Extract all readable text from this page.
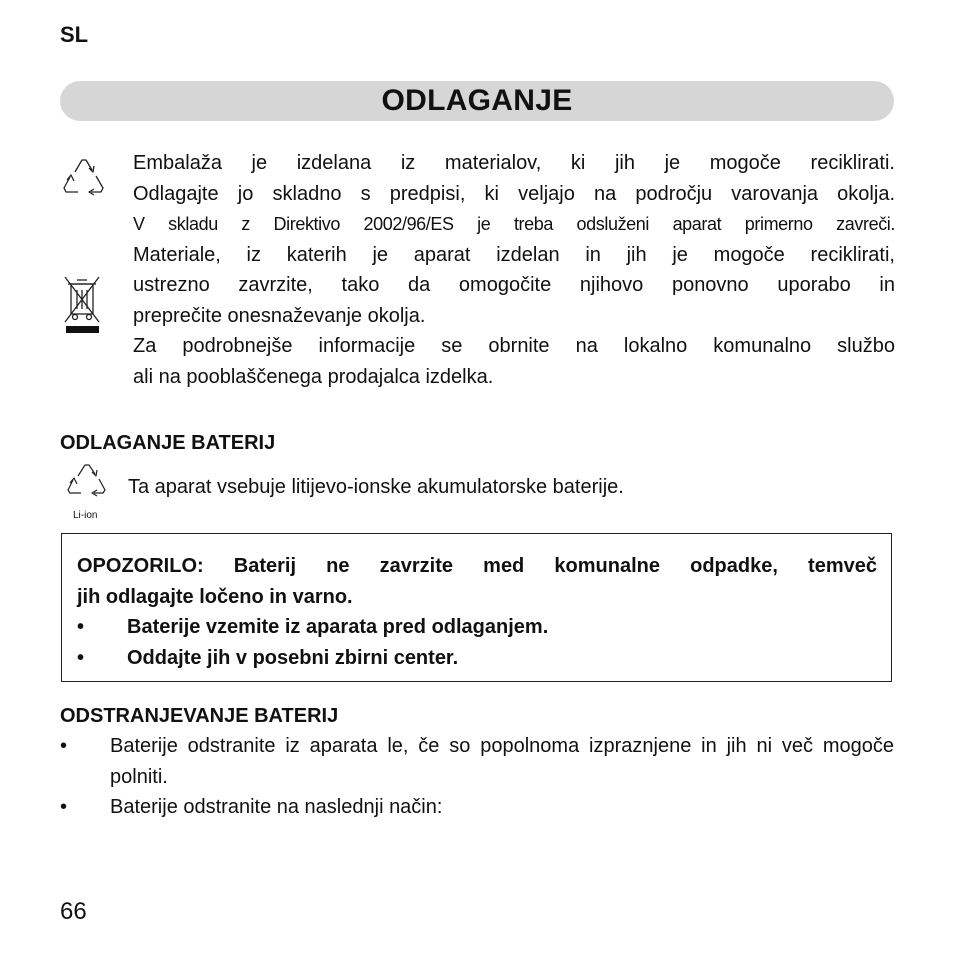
SL
ODLAGANJE
Embalaža je izdelana iz materialov, ki jih je mogoče reciklirati.
Odlagajte jo skladno s predpisi, ki veljajo na področju varovanja okolja.
V skladu z Direktivo 2002/96/ES je treba odsluženi aparat primerno zavreči.
Materiale, iz katerih je aparat izdelan in jih je mogoče reciklirati,
ustrezno zavrzite, tako da omogočite njihovo ponovno uporabo in
preprečite onesnaževanje okolja.
Za podrobnejše informacije se obrnite na lokalno komunalno službo
ali na pooblaščenega prodajalca izdelka.
ODLAGANJE BATERIJ
Li-ion
Ta aparat vsebuje litijevo-ionske akumulatorske baterije.
OPOZORILO: Baterij ne zavrzite med komunalne odpadke, temveč
jih odlagajte ločeno in varno.
• Baterije vzemite iz aparata pred odlaganjem.
• Oddajte jih v posebni zbirni center.
ODSTRANJEVANJE BATERIJ
• Baterije odstranite iz aparata le, če so popolnoma izpraznjene in jih ni več mogoče polniti.
• Baterije odstranite na naslednji način:
66
